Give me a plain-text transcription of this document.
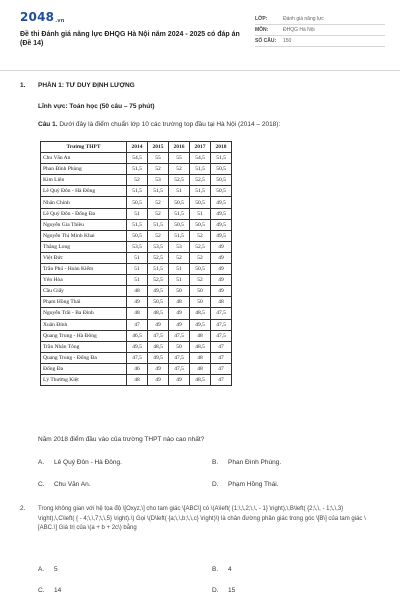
2048.vn
Đề thi Đánh giá năng lực ĐHQG Hà Nội năm 2024 - 2025 có đáp án (Đề 14)
LỚP:	Đánh giá năng lực
MÔN:	ĐHQG Hà Nội
SỐ CÂU:	150
1.	PHẦN 1: TƯ DUY ĐỊNH LƯỢNG
Lĩnh vực: Toán học (50 câu – 75 phút)
Câu 1. Dưới đây là điểm chuẩn lớp 10 các trường top đầu tại Hà Nội (2014 – 2018):
Trường THPT	2014	2015	2016	2017	2018
Chu Văn An	54,5	55	55	54,5	51,5
Phan Đình Phùng	51,5	52	52	51,5	50,5
Kim Liên	52	53	52,5	52,5	50,5
Lê Quý Đôn - Hà Đông	51,5	51,5	51	51,5	50,5
Nhân Chính	50,5	52	50,5	50,5	49,5
Lê Quý Đôn - Đống Đa	51	52	51,5	51	49,5
Nguyễn Gia Thiều	51,5	51,5	50,5	50,5	49,5
Nguyễn Thị Minh Khai	50,5	52	51,5	52	49,5
Thăng Long	53,5	53,5	53	52,5	49
Việt Đức	51	52,5	52	52	49
Trần Phú - Hoàn Kiếm	51	51,5	51	50,5	49
Yên Hòa	51	52,5	51	52	49
Cầu Giấy	48	49,5	50	50	49
Phạm Hồng Thái	49	50,5	48	50	48
Nguyễn Trãi - Ba Đình	48	48,5	49	48,5	47,5
Xuân Đỉnh	47	49	49	49,5	47,5
Quang Trung - Hà Đông	46,5	47,5	47,5	48	47,5
Trần Nhân Tông	49,5	48,5	50	48,5	47
Quang Trung - Đống Đa	47,5	49,5	47,5	48	47
Đống Đa	46	49	47,5	48	47
Lý Thường Kiệt	48	49	49	48,5	47
Năm 2018 điểm đầu vào của trường THPT nào cao nhất?
A.	Lê Quý Đôn - Hà Đông.	B.	Phan Đình Phùng.
C.	Chu Văn An.	D.	Phạm Hồng Thái.
2.	Trong không gian với hệ tọa độ \[Oxyz,\] cho tam giác \[ABC\] có \(A\left( {1;\,\,2;\,\, - 1} \right),\,B\left( {2;\,\, - 1;\,\,3} \right),\,C\left( { - 4;\,\,7;\,\,5} \right).\) Gọi \(D\left( {a;\,\,b;\,\,c} \right)\) là chân đường phân giác trong góc \[B\] của tam giác \[ABC.\] Giá trị của \(a + b + 2c\) bằng
A.	5	B.	4
C.	14	D.	15
